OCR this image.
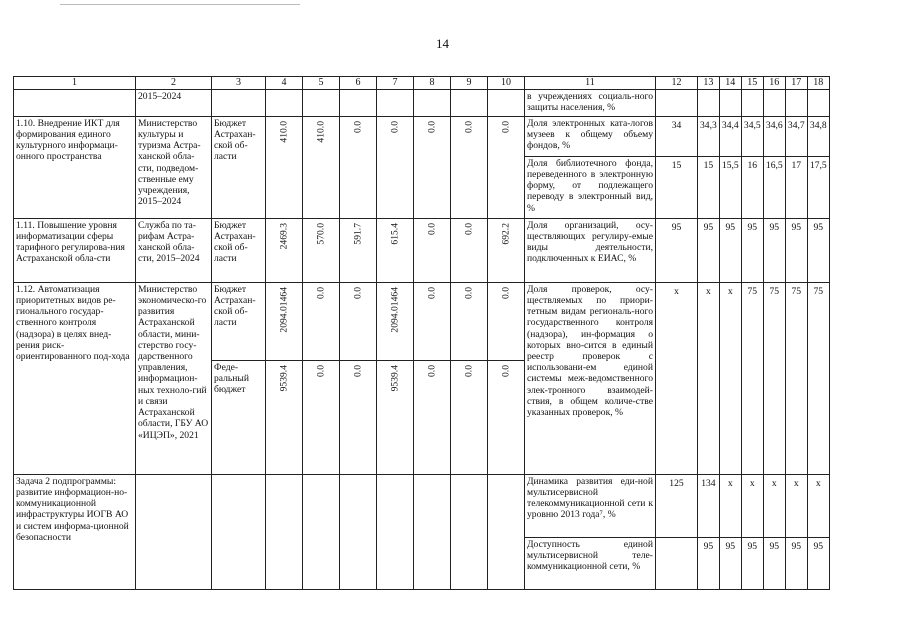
14
1	2	3	4	5	6	7	8	9	10	11	12	13	14	15	16	17	18
	2015–2024									в учреждениях социаль-ного защиты населения, %							
1.10. Внедрение ИКТ для формирования единого культурного информаци-онного пространства	Министерство культуры и туризма Астра-ханской обла-сти, подведом-ственные ему учреждения, 2015–2024	Бюджет Астрахан-ской об-ласти	410.0	410.0	0.0	0.0	0.0	0.0	0.0	Доля электронных ката-логов музеев к общему объему фондов, %	34	34,3	34,4	34,5	34,6	34,7	34,8
										Доля библиотечного фонда, переведенного в электронную форму, от подлежащего переводу в электронный вид, %	15	15	15,5	16	16,5	17	17,5
1.11. Повышение уровня информатизации сферы тарифного регулирова-ния Астраханской обла-сти	Служба по та-рифам Астра-ханской обла-сти, 2015–2024	Бюджет Астрахан-ской об-ласти	2469.3	570.0	591.7	615.4	0.0	0.0	692.2	Доля организаций, осу-ществляющих регулиру-емые виды деятельности, подключенных к ЕИАС, %	95	95	95	95	95	95	95
1.12. Автоматизация приоритетных видов ре-гионального государ-ственного контроля (надзора) в целях внед-рения риск-ориентированного под-хода	Министерство экономическо-го развития Астраханской области, мини-стерство госу-дарственного управления, информацион-ных техноло-гий и связи Астраханской области, ГБУ АО «ИЦЭП», 2021	Бюджет Астрахан-ской об-ласти	2094.01464	0.0	0.0	2094.01464	0.0	0.0	0.0	Доля проверок, осу-ществляемых по приори-тетным видам региональ-ного государственного контроля (надзора), ин-формация о которых вно-сится в единый реестр проверок с использовани-ем единой системы меж-ведомственного элек-тронного взаимодей-ствия, в общем количе-стве указанных проверок, %	x	x	x	75	75	75	75
		Феде-ральный бюджет	9539.4	0.0	0.0	9539.4	0.0	0.0	0.0								

Задача 2 подпрограммы: развитие информацион-но-коммуникационной инфраструктуры ИОГВ АО и систем информа-ционной безопасности										Динамика развития еди-ной мультисервисной телекоммуникационной сети к уровню 2013 года⁷, %	125	134	x	x	x	x	x
										Доступность единой мультисервисной теле-коммуникационной сети, %		95	95	95	95	95	95
